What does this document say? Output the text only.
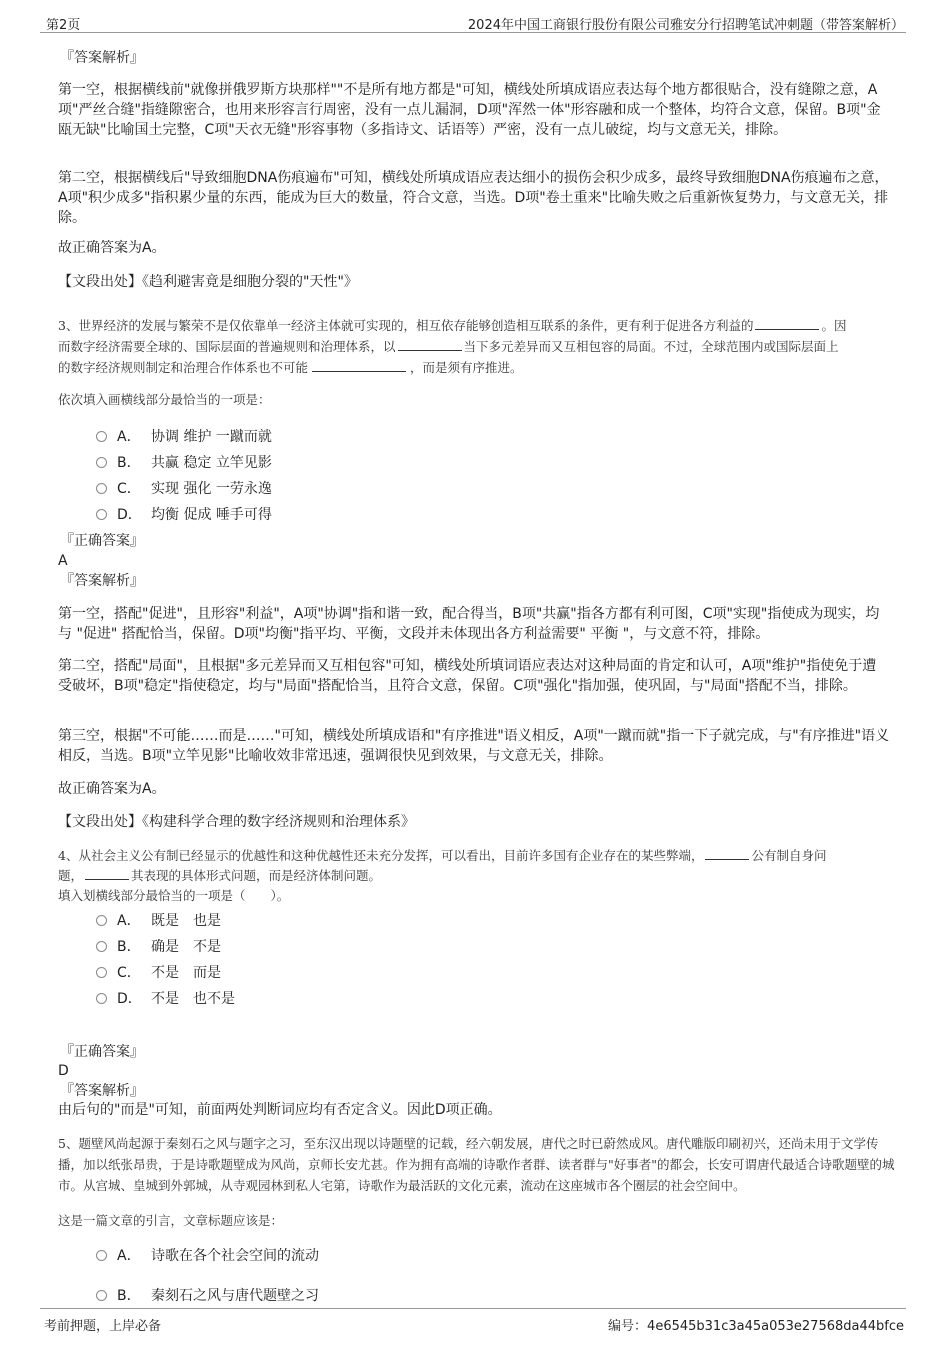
第2页	2024年中国工商银行股份有限公司雅安分行招聘笔试冲刺题（带答案解析）
『答案解析』
第一空，根据横线前"就像拼俄罗斯方块那样""不是所有地方都是"可知，横线处所填成语应表达每个地方都很贴合，没有缝隙之意，A项"严丝合缝"指缝隙密合，也用来形容言行周密，没有一点儿漏洞，D项"浑然一体"形容融和成一个整体，均符合文意，保留。B项"金瓯无缺"比喻国土完整，C项"天衣无缝"形容事物（多指诗文、话语等）严密，没有一点儿破绽，均与文意无关，排除。
第二空，根据横线后"导致细胞DNA伤痕遍布"可知，横线处所填成语应表达细小的损伤会积少成多，最终导致细胞DNA伤痕遍布之意，A项"积少成多"指积累少量的东西，能成为巨大的数量，符合文意，当选。D项"卷土重来"比喻失败之后重新恢复势力，与文意无关，排除。
故正确答案为A。
【文段出处】《趋利避害竟是细胞分裂的"天性"》
3、世界经济的发展与繁荣不是仅依靠单一经济主体就可实现的，相互依存能够创造相互联系的条件，更有利于促进各方利益的	。因
而数字经济需要全球的、国际层面的普遍规则和治理体系，以	当下多元差异而又互相包容的局面。不过，全球范围内或国际层面上
的数字经济规则制定和治理合作体系也不可能	，而是须有序推进。
依次填入画横线部分最恰当的一项是：
A． 协调 维护 一蹴而就
B． 共赢 稳定 立竿见影
C． 实现 强化 一劳永逸
D． 均衡 促成 唾手可得
『正确答案』
A
『答案解析』
第一空，搭配"促进"，且形容"利益"，A项"协调"指和谐一致，配合得当，B项"共赢"指各方都有利可图，C项"实现"指使成为现实，均与 "促进" 搭配恰当，保留。D项"均衡"指平均、平衡，文段并未体现出各方利益需要" 平衡 "，与文意不符，排除。
第二空，搭配"局面"，且根据"多元差异而又互相包容"可知，横线处所填词语应表达对这种局面的肯定和认可，A项"维护"指使免于遭受破坏，B项"稳定"指使稳定，均与"局面"搭配恰当，且符合文意，保留。C项"强化"指加强，使巩固，与"局面"搭配不当，排除。
第三空，根据"不可能……而是……"可知，横线处所填成语和"有序推进"语义相反，A项"一蹴而就"指一下子就完成，与"有序推进"语义相反，当选。B项"立竿见影"比喻收效非常迅速，强调很快见到效果，与文意无关，排除。
故正确答案为A。
【文段出处】《构建科学合理的数字经济规则和治理体系》
4、从社会主义公有制已经显示的优越性和这种优越性还未充分发挥，可以看出，目前许多国有企业存在的某些弊端，	公有制自身问
题，	其表现的具体形式问题，而是经济体制问题。
填入划横线部分最恰当的一项是（　　）。
A． 既是　也是
B． 确是　不是
C． 不是　而是
D． 不是　也不是
『正确答案』
D
『答案解析』
由后句的"而是"可知，前面两处判断词应均有否定含义。因此D项正确。
5、题壁风尚起源于秦刻石之风与题字之习，至东汉出现以诗题壁的记载，经六朝发展，唐代之时已蔚然成风。唐代雕版印刷初兴，还尚未用于文学传播，加以纸张昂贵，于是诗歌题壁成为风尚，京师长安尤甚。作为拥有高端的诗歌作者群、读者群与"好事者"的都会，长安可谓唐代最适合诗歌题壁的城市。从宫城、皇城到外郭城，从寺观园林到私人宅第，诗歌作为最活跃的文化元素，流动在这座城市各个圈层的社会空间中。
这是一篇文章的引言，文章标题应该是：
A． 诗歌在各个社会空间的流动
B． 秦刻石之风与唐代题壁之习
考前押题，上岸必备	编号：4e6545b31c3a45a053e27568da44bfce
